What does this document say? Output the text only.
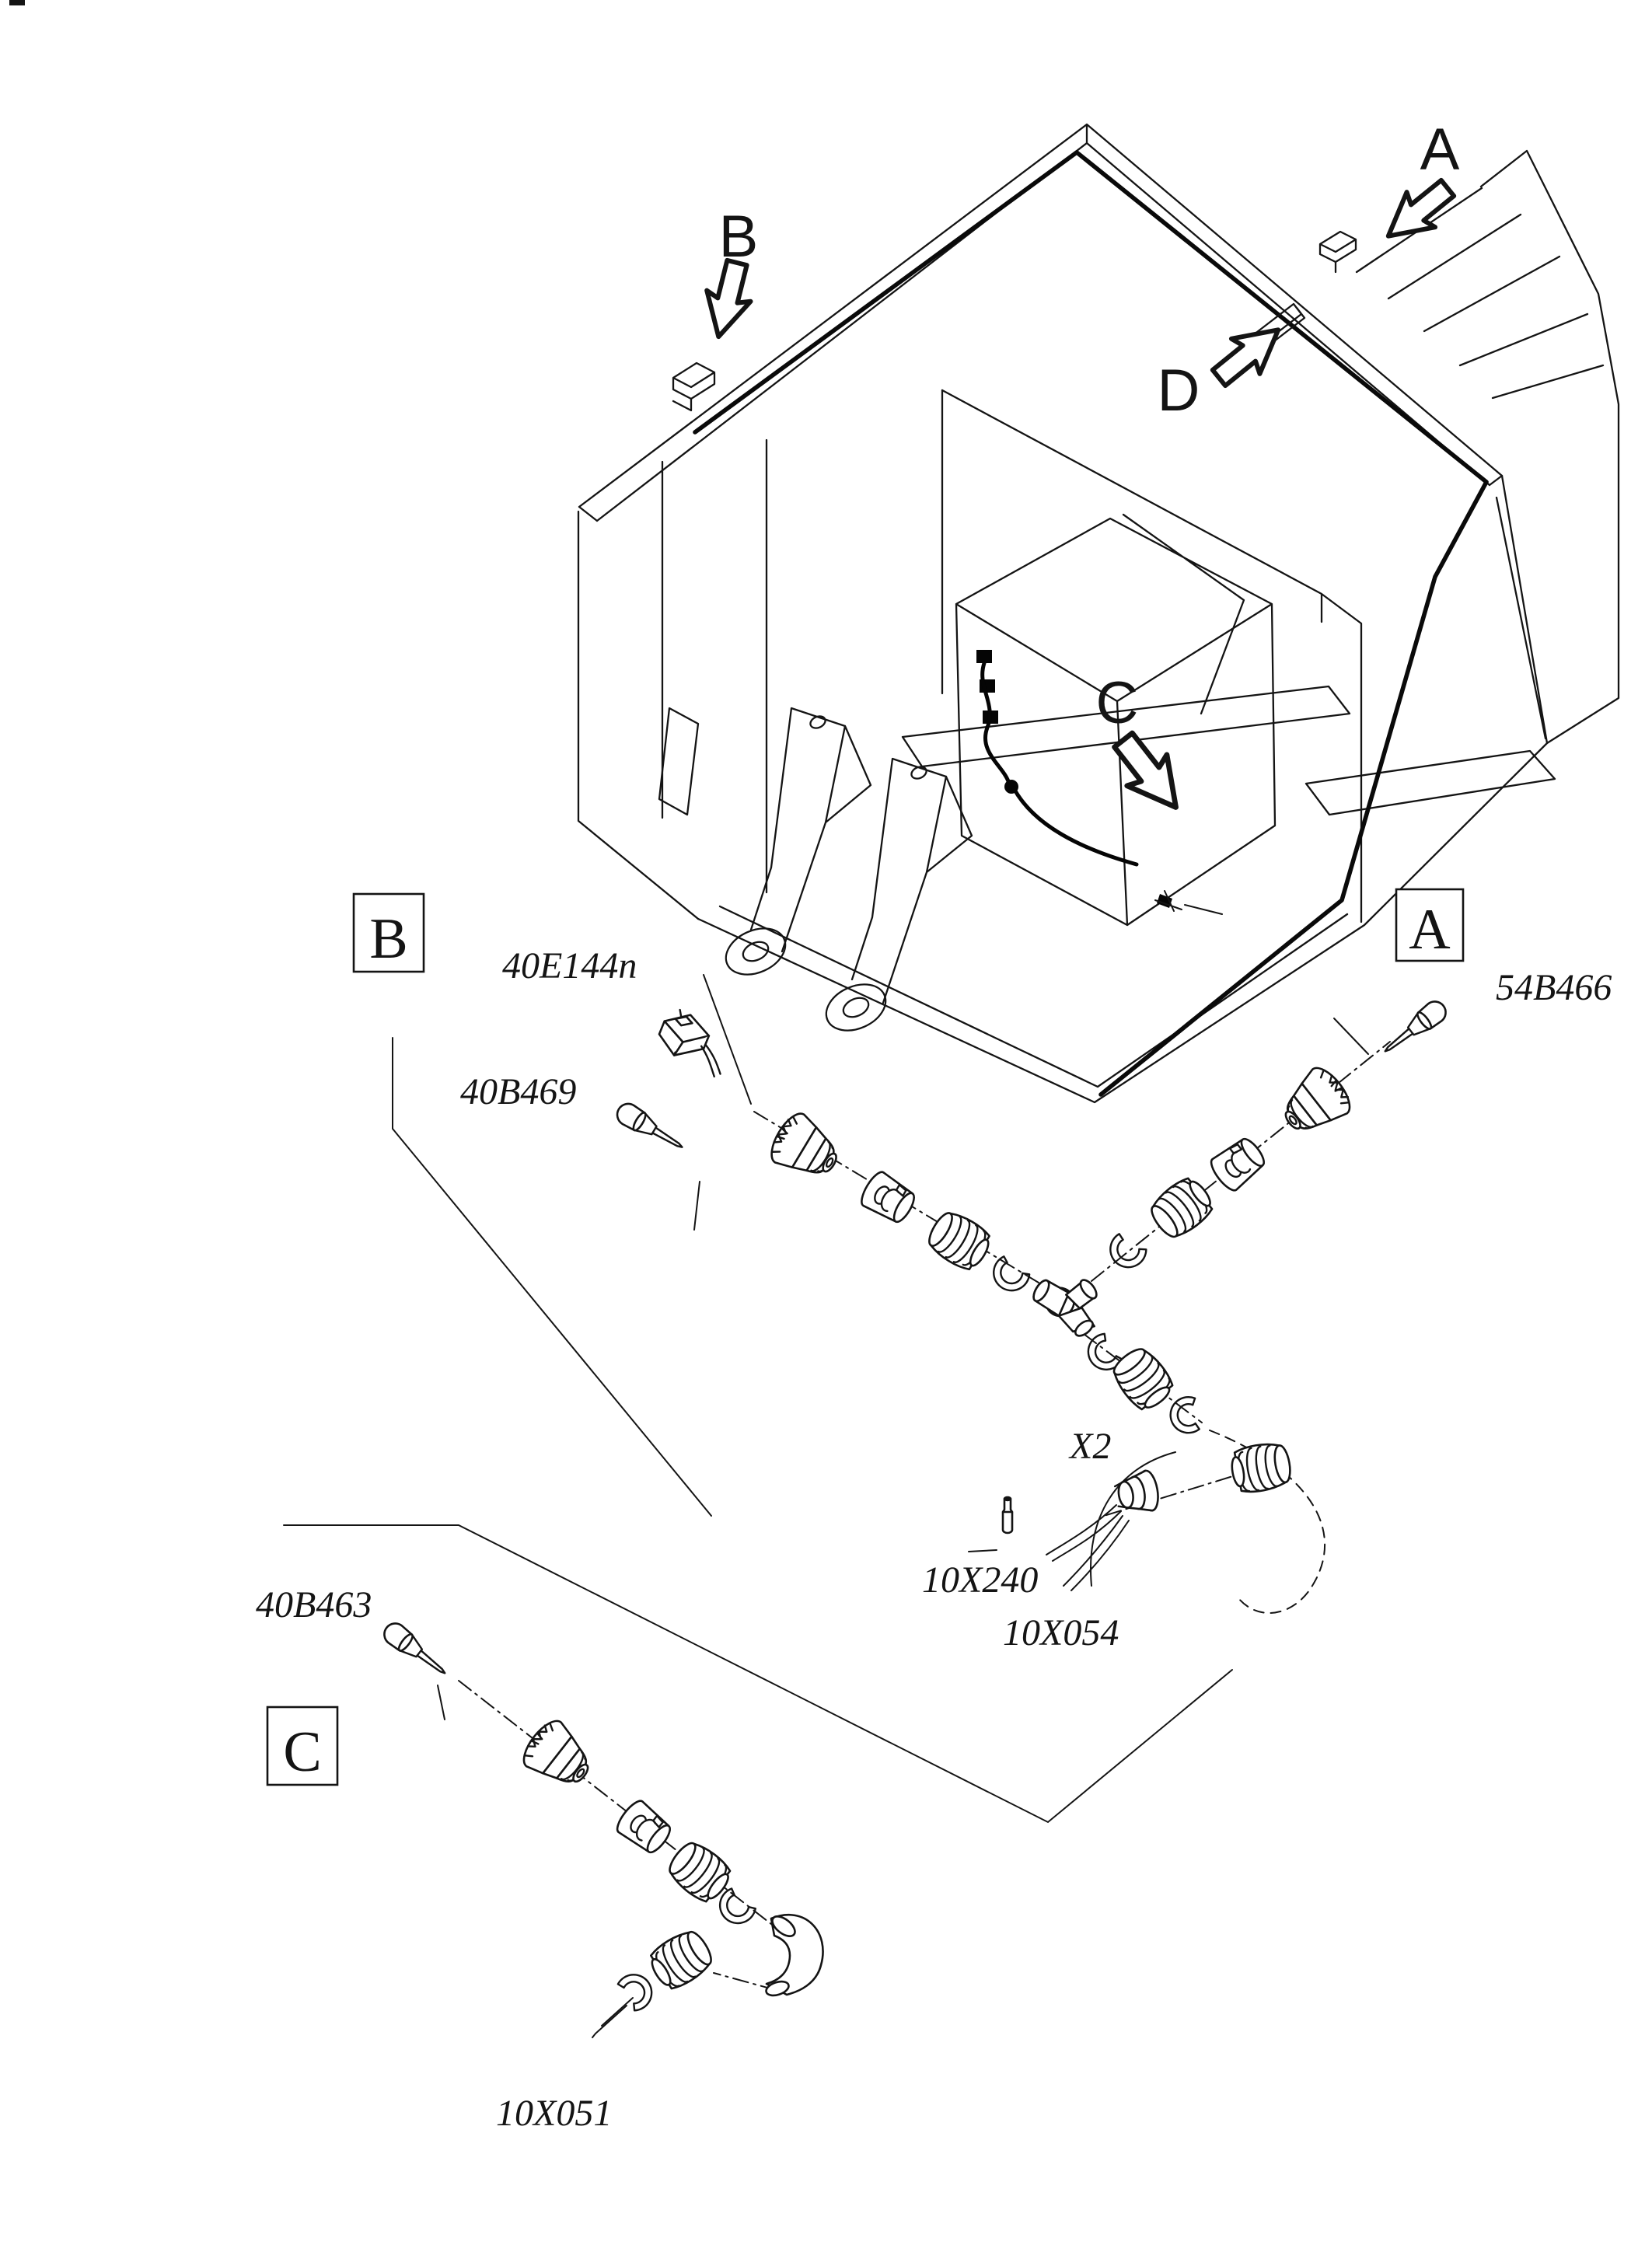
A
B
C
D
B	A
40E144n
40B469
54B466
X2
10X240
10X054
C
40B463
10X051
